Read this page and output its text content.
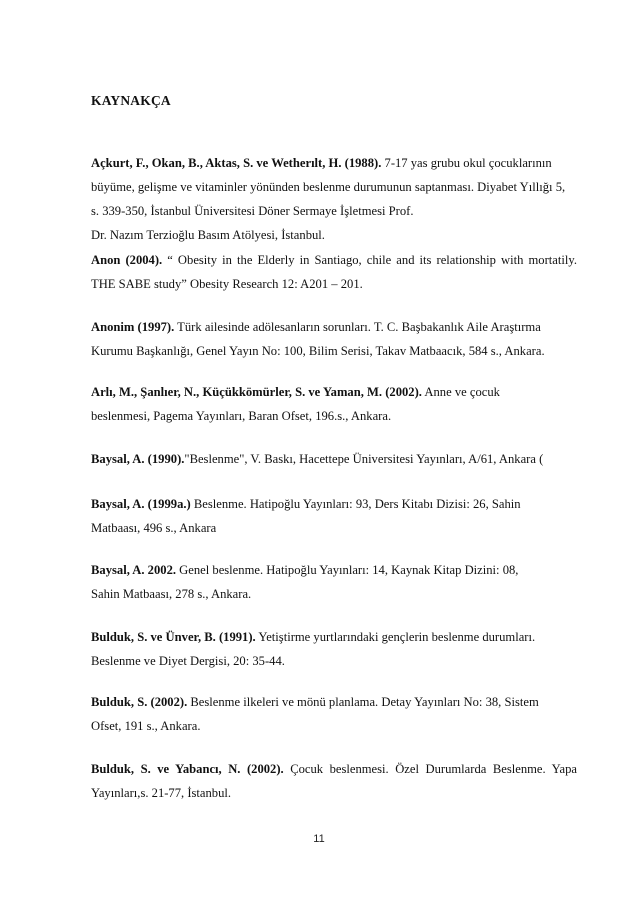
KAYNAKÇA
Açkurt, F., Okan, B., Aktas, S. ve Wetherılt, H. (1988). 7-17 yas grubu okul çocuklarının
büyüme, gelişme ve vitaminler yönünden beslenme durumunun saptanması. Diyabet Yıllığı 5,
s. 339-350, İstanbul Üniversitesi Döner Sermaye İşletmesi Prof.
Dr. Nazım Terzioğlu Basım Atölyesi, İstanbul.
Anon (2004). “ Obesity in the Elderly in Santiago, chile and its relationship with mortatily.
THE SABE study” Obesity Research 12: A201 – 201.
Anonim (1997). Türk ailesinde adölesanların sorunları. T. C. Başbakanlık Aile Araştırma
Kurumu Başkanlığı, Genel Yayın No: 100, Bilim Serisi, Takav Matbaacık, 584 s., Ankara.
Arlı, M., Şanlıer, N., Küçükkömürler, S. ve Yaman, M. (2002). Anne ve çocuk
beslenmesi, Pagema Yayınları, Baran Ofset, 196.s., Ankara.
Baysal, A. (1990)."Beslenme", V. Baskı, Hacettepe Üniversitesi Yayınları, A/61, Ankara (
Baysal, A. (1999a.) Beslenme. Hatipoğlu Yayınları: 93, Ders Kitabı Dizisi: 26, Sahin
Matbaası, 496 s., Ankara
Baysal, A. 2002. Genel beslenme. Hatipoğlu Yayınları: 14, Kaynak Kitap Dizini: 08,
Sahin Matbaası, 278 s., Ankara.
Bulduk, S. ve Ünver, B. (1991). Yetiştirme yurtlarındaki gençlerin beslenme durumları.
Beslenme ve Diyet Dergisi, 20: 35-44.
Bulduk, S. (2002). Beslenme ilkeleri ve mönü planlama. Detay Yayınları No: 38, Sistem
Ofset, 191 s., Ankara.
Bulduk, S. ve Yabancı, N. (2002). Çocuk beslenmesi. Özel Durumlarda Beslenme. Yapa
Yayınları,s. 21-77, İstanbul.
11
